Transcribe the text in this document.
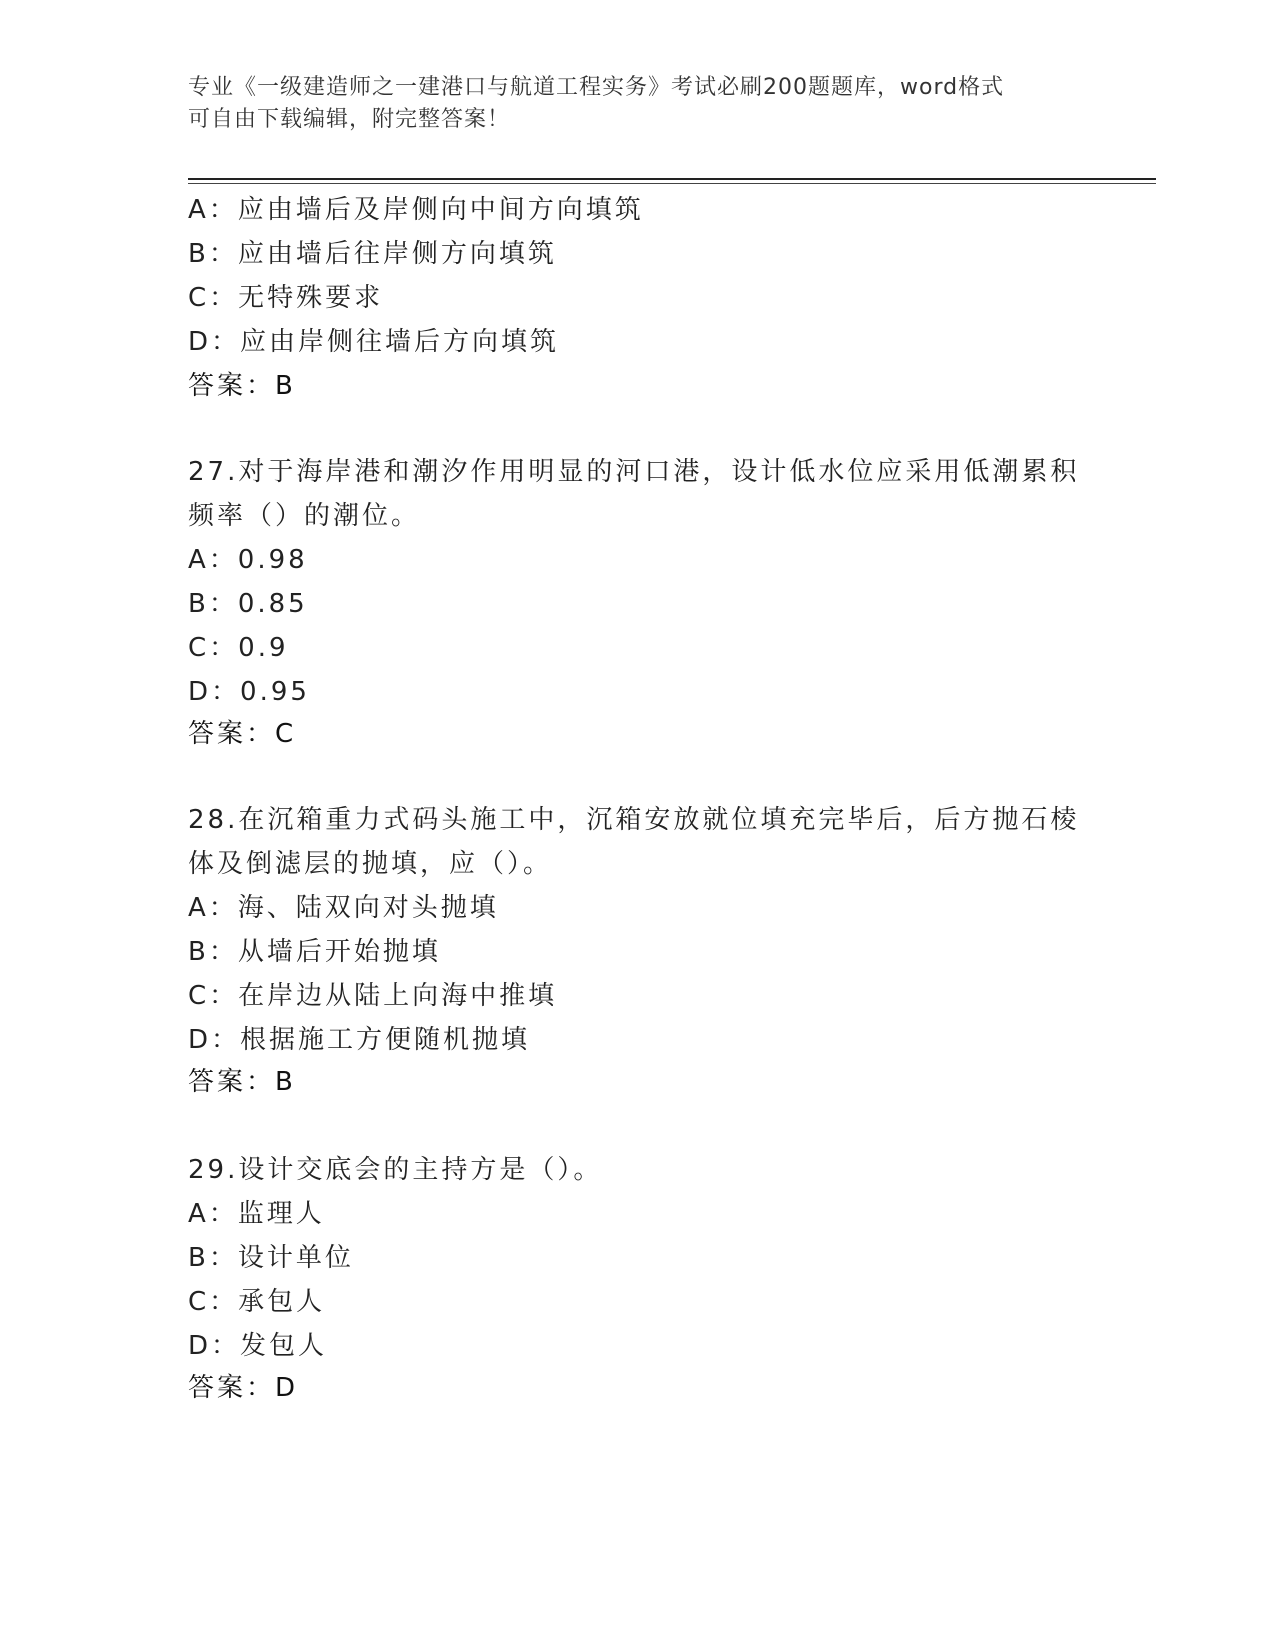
专业《一级建造师之一建港口与航道工程实务》考试必刷200题题库，word格式
可自由下载编辑，附完整答案！
A：应由墙后及岸侧向中间方向填筑
B：应由墙后往岸侧方向填筑
C：无特殊要求
D：应由岸侧往墙后方向填筑
答案：B
27.对于海岸港和潮汐作用明显的河口港，设计低水位应采用低潮累积
频率（）的潮位。
A：0.98
B：0.85
C：0.9
D：0.95
答案：C
28.在沉箱重力式码头施工中，沉箱安放就位填充完毕后，后方抛石棱
体及倒滤层的抛填，应（）。
A：海、陆双向对头抛填
B：从墙后开始抛填
C：在岸边从陆上向海中推填
D：根据施工方便随机抛填
答案：B
29.设计交底会的主持方是（）。
A：监理人
B：设计单位
C：承包人
D：发包人
答案：D
